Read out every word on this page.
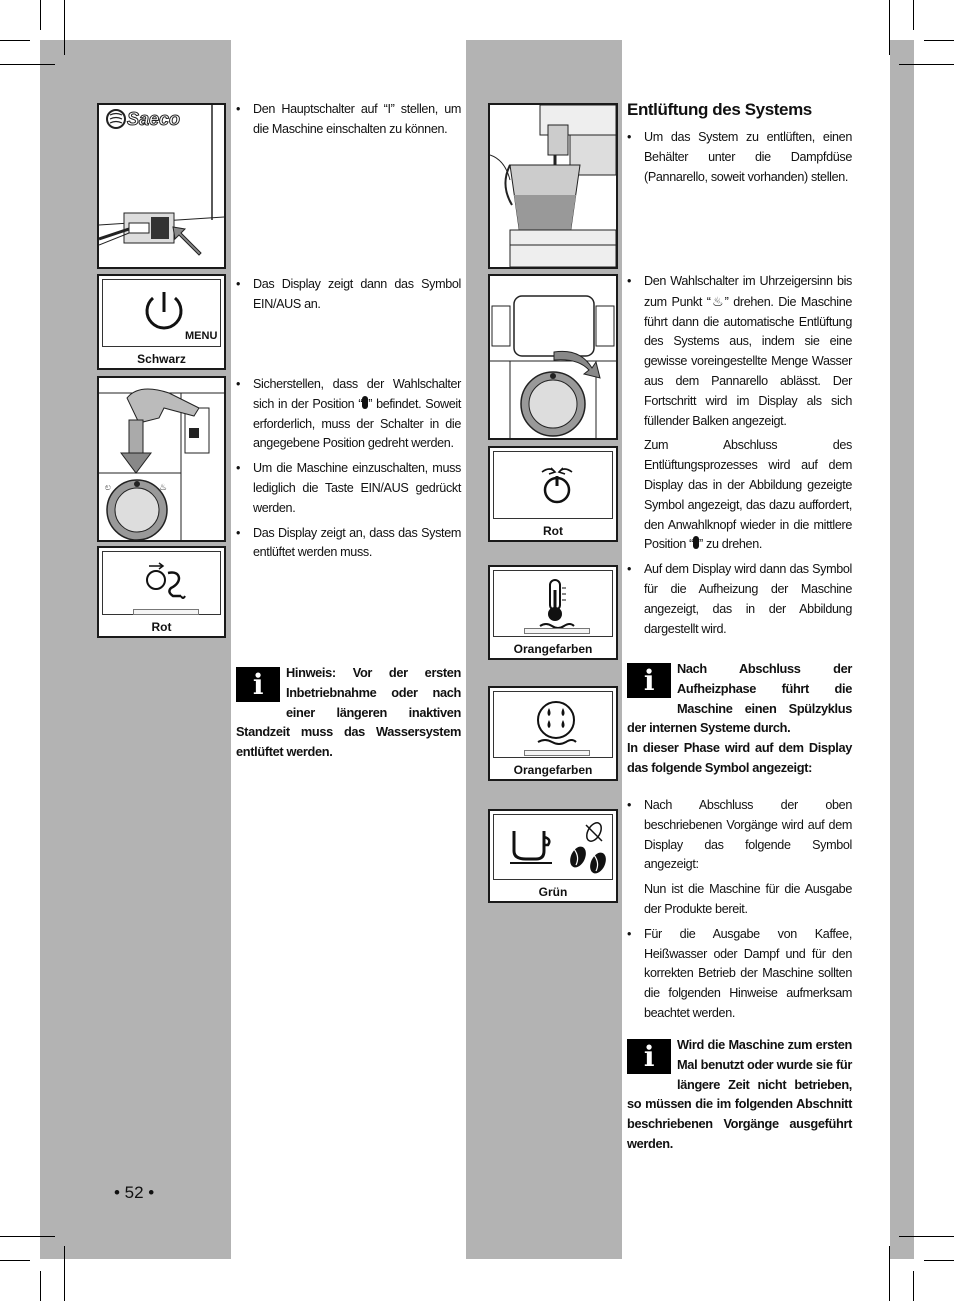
Saeco
MENU
Schwarz
ಲ	♨
Rot

• Den Hauptschalter auf “I” stellen, um die Maschine einschalten zu können.

• Das Display zeigt dann das Symbol EIN/AUS an.

• Sicherstellen, dass der Wahlschalter sich in der Position “ ” befindet. Soweit erforderlich, muss der Schalter in die angegebene Position gedreht werden.

• Um die Maschine einzuschalten, muss lediglich die Taste EIN/AUS gedrückt werden.

• Das Display zeigt an, dass das System entlüftet werden muss.

i	Hinweis: Vor der ersten Inbetriebnahme oder nach einer längeren inaktiven Standzeit muss das Wassersystem entlüftet werden.
• 52 •
Rot
Orangefarben
Orangefarben
Grün
Entlüftung des Systems

• Um das System zu entlüften, einen Behälter unter die Dampfdüse (Pannarello, soweit vorhanden) stellen.

• Den Wahlschalter im Uhrzeigersinn bis zum Punkt “♨” drehen. Die Maschine führt dann die automatische Entlüftung des Systems aus, indem sie eine gewisse voreingestellte Menge Wasser aus dem Pannarello ablässt. Der Fortschritt wird im Display als sich füllender Balken angezeigt.

Zum Abschluss des Entlüftungsprozesses wird auf dem Display das in der Abbildung gezeigte Symbol angezeigt, das dazu auffordert, den Anwahlknopf wieder in die mittlere Position “ ” zu drehen.

• Auf dem Display wird dann das Symbol für die Aufheizung der Maschine angezeigt, das in der Abbildung dargestellt wird.

i	Nach Abschluss der Aufheizphase führt die Maschine einen Spülzyklus der internen Systeme durch.
In dieser Phase wird auf dem Display das folgende Symbol angezeigt:

• Nach Abschluss der oben beschriebenen Vorgänge wird auf dem Display das folgende Symbol angezeigt:

Nun ist die Maschine für die Ausgabe der Produkte bereit.

• Für die Ausgabe von Kaffee, Heißwasser oder Dampf und für den korrekten Betrieb der Maschine sollten die folgenden Hinweise aufmerksam beachtet werden.

i	Wird die Maschine zum ersten Mal benutzt oder wurde sie für längere Zeit nicht betrieben, so müssen die im folgenden Abschnitt beschriebenen Vorgänge ausgeführt werden.
